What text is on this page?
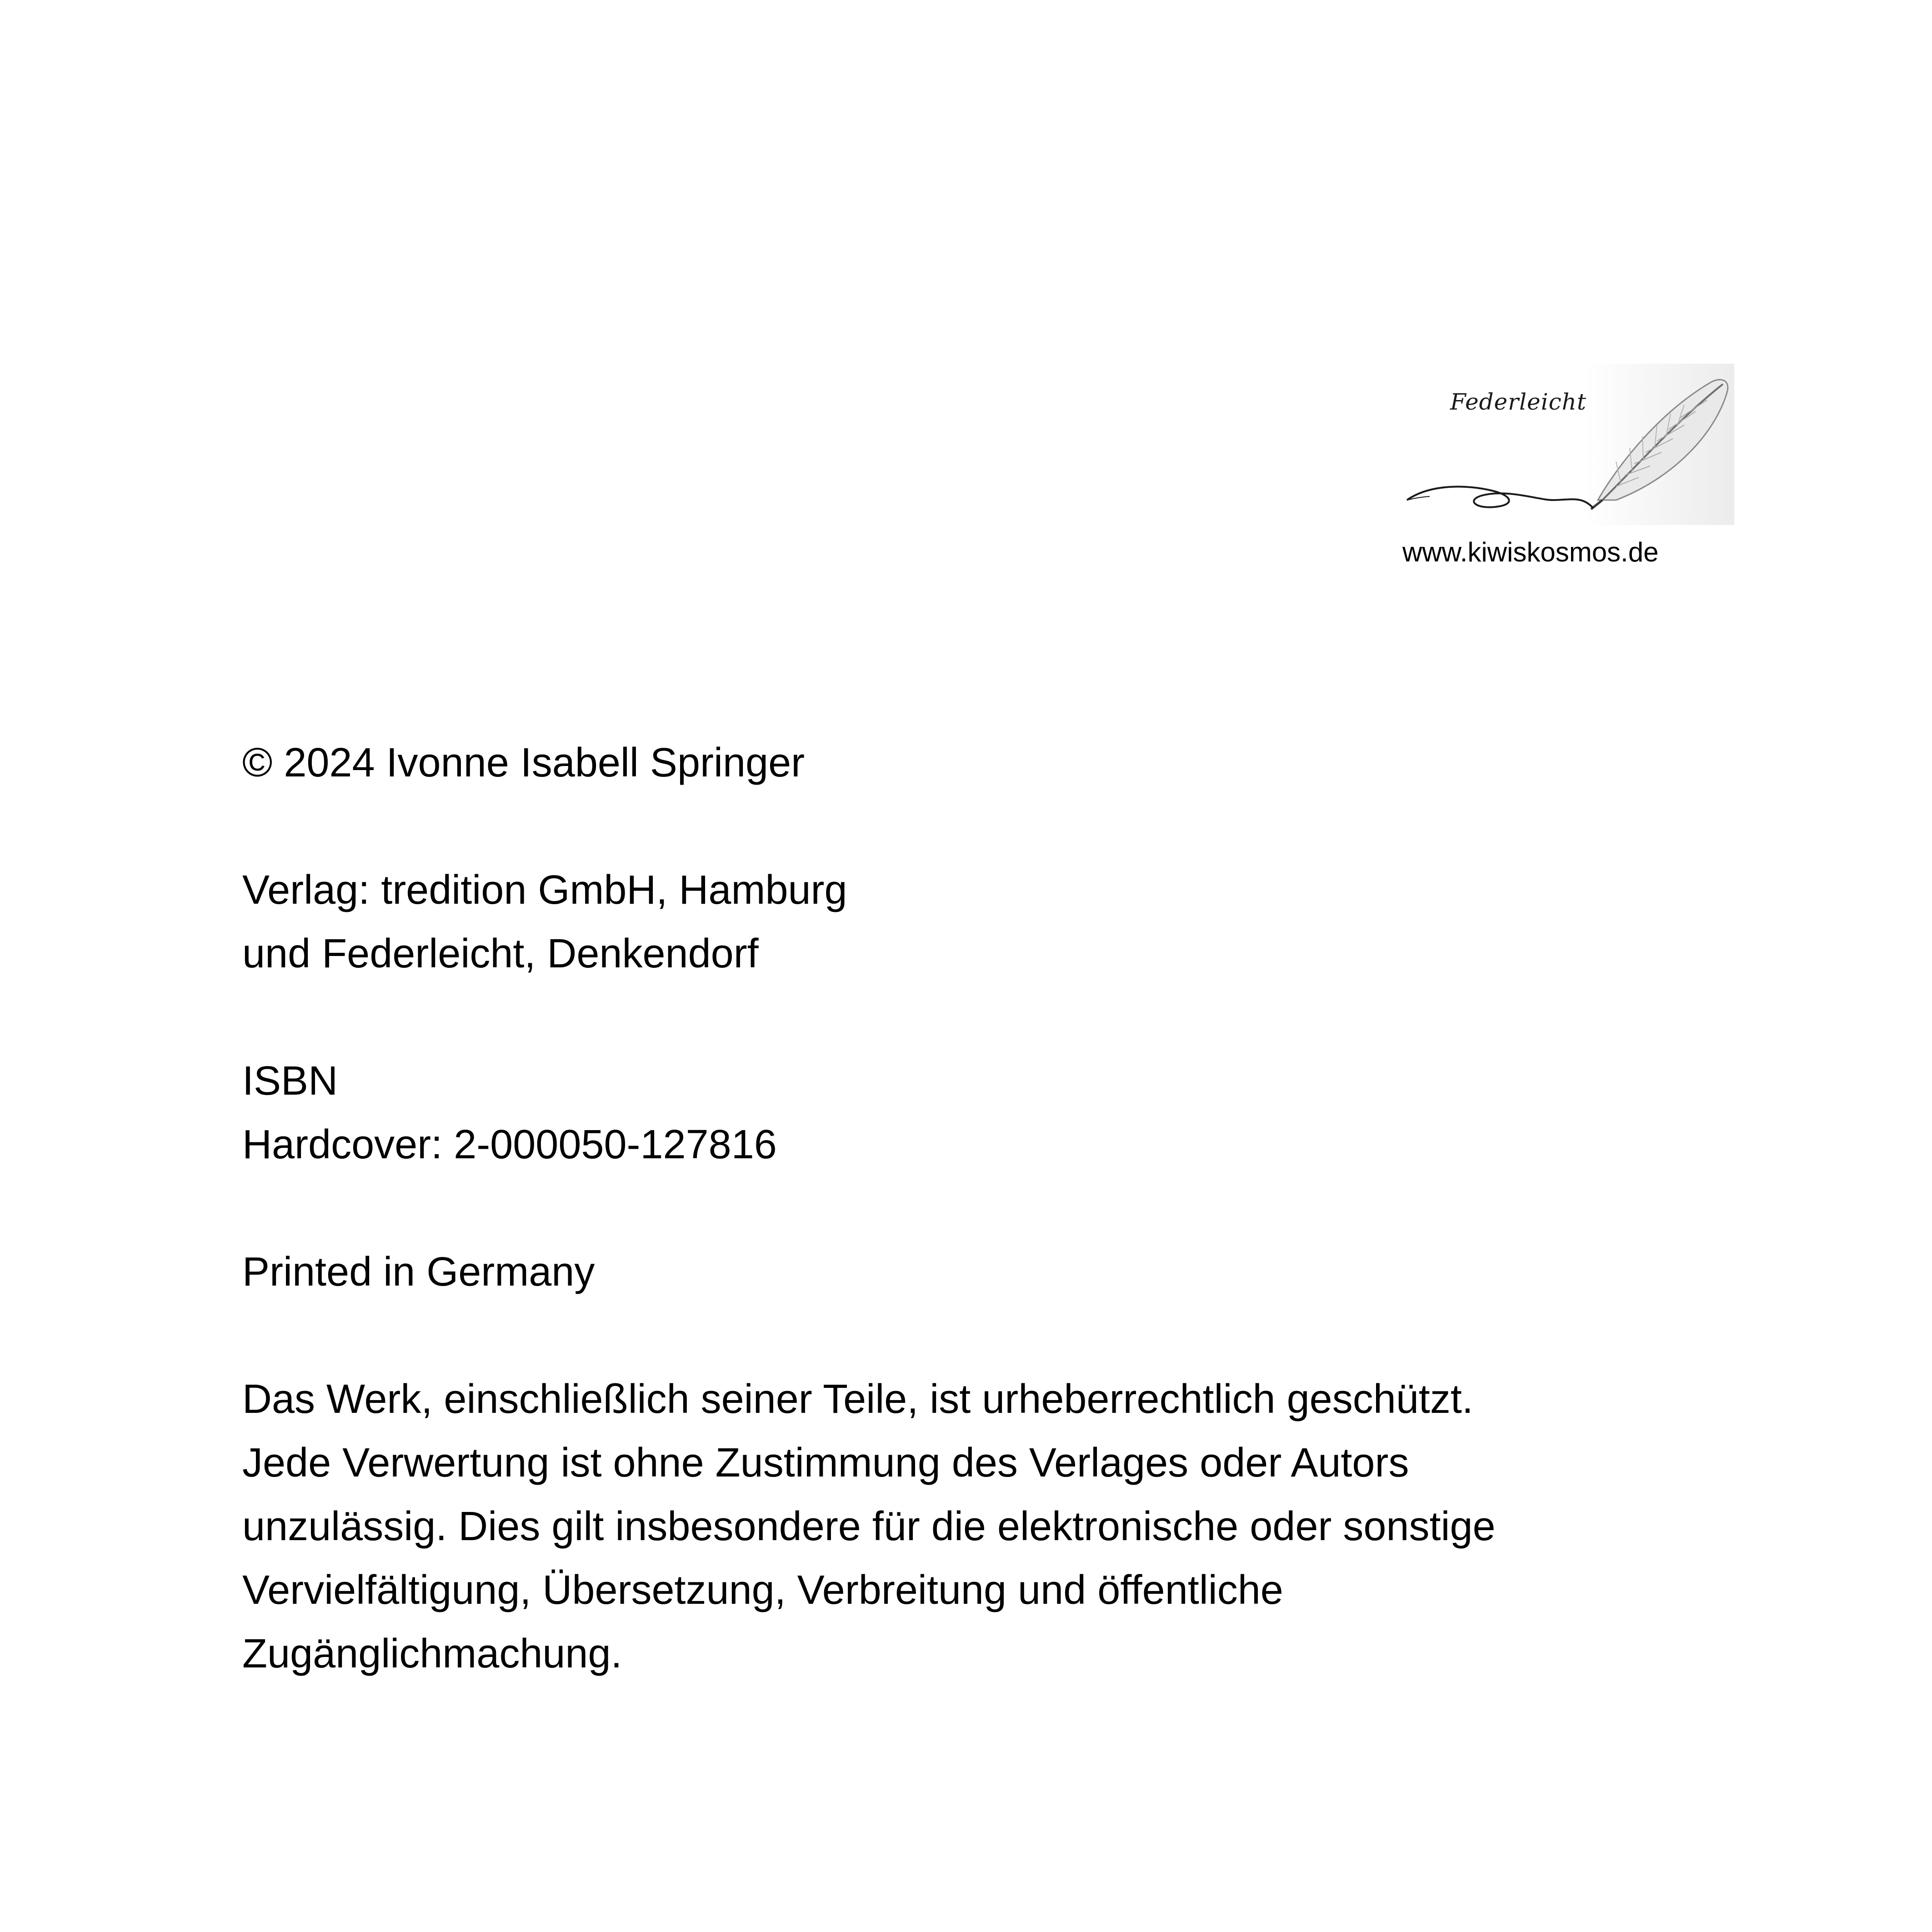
Federleicht
www.kiwiskosmos.de

© 2024 Ivonne Isabell Springer

Verlag: tredition GmbH, Hamburg

und Federleicht, Denkendorf

ISBN

Hardcover: 2-000050-127816

Printed in Germany

Das Werk, einschließlich seiner Teile, ist urheberrechtlich geschützt.

Jede Verwertung ist ohne Zustimmung des Verlages oder Autors

unzulässig. Dies gilt insbesondere für die elektronische oder sonstige

Vervielfältigung, Übersetzung, Verbreitung und öffentliche

Zugänglichmachung.
